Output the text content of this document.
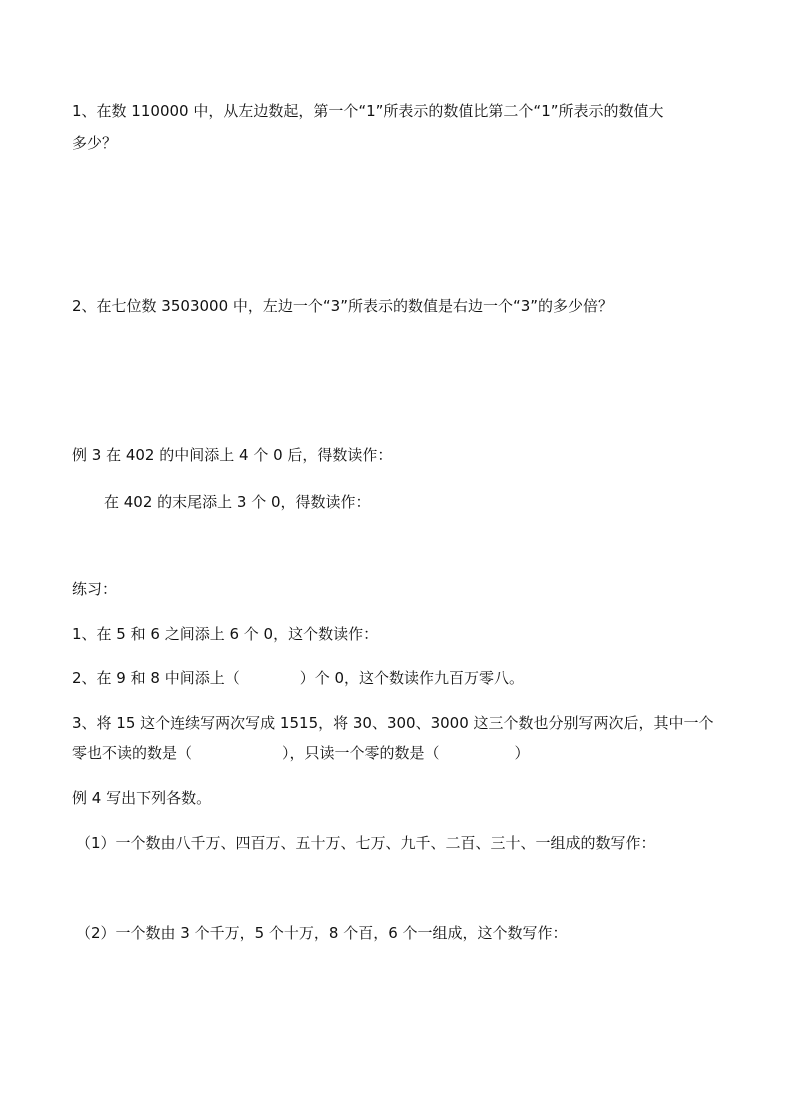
1、在数 110000 中，从左边数起，第一个“1”所表示的数值比第二个“1”所表示的数值大
多少？
2、在七位数 3503000 中，左边一个“3”所表示的数值是右边一个“3”的多少倍？
例 3 在 402 的中间添上 4 个 0 后，得数读作：
在 402 的末尾添上 3 个 0，得数读作：
练习：
1、在 5 和 6 之间添上 6 个 0，这个数读作：
2、在 9 和 8 中间添上（　　　　）个 0，这个数读作九百万零八。
3、将 15 这个连续写两次写成 1515，将 30、300、3000 这三个数也分别写两次后，其中一个
零也不读的数是（　　　　　　），只读一个零的数是（　　　　　）
例 4 写出下列各数。
（1）一个数由八千万、四百万、五十万、七万、九千、二百、三十、一组成的数写作：
（2）一个数由 3 个千万，5 个十万，8 个百，6 个一组成，这个数写作：
